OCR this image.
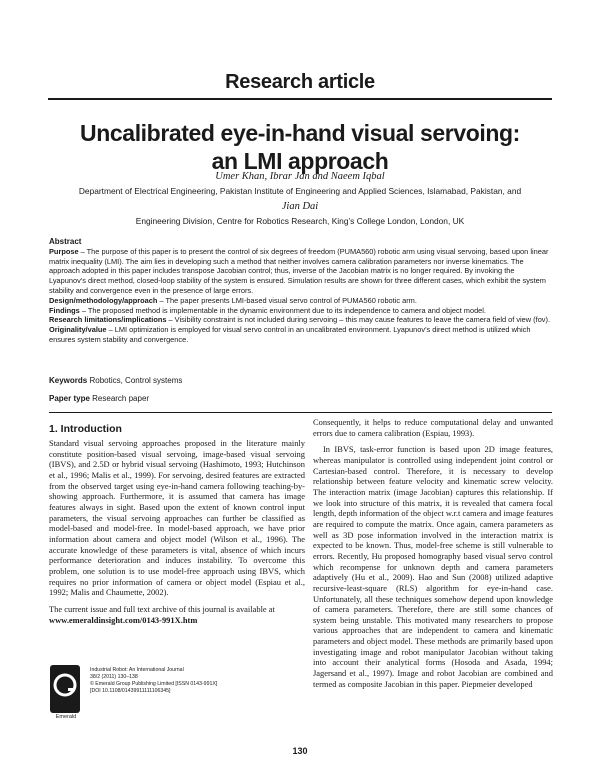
Research article
Uncalibrated eye-in-hand visual servoing:
an LMI approach
Umer Khan, Ibrar Jan and Naeem Iqbal
Department of Electrical Engineering, Pakistan Institute of Engineering and Applied Sciences, Islamabad, Pakistan, and
Jian Dai
Engineering Division, Centre for Robotics Research, King’s College London, London, UK

Abstract

Purpose – The purpose of this paper is to present the control of six degrees of freedom (PUMA560) robotic arm using visual servoing, based upon linear matrix inequality (LMI). The aim lies in developing such a method that neither involves camera calibration parameters nor inverse kinematics. The approach adopted in this paper includes transpose Jacobian control; thus, inverse of the Jacobian matrix is no longer required. By invoking the Lyapunov’s direct method, closed-loop stability of the system is ensured. Simulation results are shown for three different cases, which exhibit the system stability and convergence even in the presence of large errors.

Design/methodology/approach – The paper presents LMI-based visual servo control of PUMA560 robotic arm.

Findings – The proposed method is implementable in the dynamic environment due to its independence to camera and object model.

Research limitations/implications – Visibility constraint is not included during servoing – this may cause features to leave the camera field of view (fov).

Originality/value – LMI optimization is employed for visual servo control in an uncalibrated environment. Lyapunov’s direct method is utilized which ensures system stability and convergence.

Keywords Robotics, Control systems
Paper type Research paper
1. Introduction

Standard visual servoing approaches proposed in the literature mainly constitute position-based visual servoing, image-based visual servoing (IBVS), and 2.5D or hybrid visual servoing (Hashimoto, 1993; Hutchinson et al., 1996; Malis et al., 1999). For servoing, desired features are extracted from the observed target using eye-in-hand camera following teaching-by-showing approach. Furthermore, it is assumed that camera has image features always in sight. Based upon the extent of known control input parameters, the visual servoing approaches can further be classified as model-based and model-free. In model-based approach, we have prior information about camera and object model (Wilson et al., 1996). The accurate knowledge of these parameters is vital, absence of which incurs performance deterioration and induces instability. To overcome this problem, one solution is to use model-free approach using IBVS, which requires no prior information of camera or object model (Espiau et al., 1992; Malis and Chaumette, 2002).

The current issue and full text archive of this journal is available at
www.emeraldinsight.com/0143-991X.htm

Consequently, it helps to reduce computational delay and unwanted errors due to camera calibration (Espiau, 1993).

In IBVS, task-error function is based upon 2D image features, whereas manipulator is controlled using independent joint control or Cartesian-based control. Therefore, it is necessary to develop relationship between feature velocity and kinematic screw velocity. The interaction matrix (image Jacobian) captures this relationship. If we look into structure of this matrix, it is revealed that camera focal length, depth information of the object w.r.t camera and image features are required to compute the matrix. Once again, camera parameters as well as 3D pose information involved in the interaction matrix is expected to be known. Thus, model-free scheme is still vulnerable to errors. Recently, Hu proposed homography based visual servo control which recompense for unknown depth and camera parameters adaptively (Hu et al., 2009). Hao and Sun (2008) utilized adaptive recursive-least-square (RLS) algorithm for eye-in-hand case. Unfortunately, all these techniques somehow depend upon knowledge of camera parameters. Therefore, there are still some chances of system being unstable. This motivated many researchers to propose various approaches that are independent to camera and kinematic parameters and object model. These methods are primarily based upon investigating image and robot manipulator Jacobian without taking into account their analytical forms (Hosoda and Asada, 1994; Jagersand et al., 1997). Image and robot Jacobian are combined and termed as composite Jacobian in this paper. Piepmeier developed

Emerald
Industrial Robot: An International Journal
38/2 (2011) 130–138
© Emerald Group Publishing Limited [ISSN 0143-991X]
[DOI 10.1108/01439911111106345]
130
